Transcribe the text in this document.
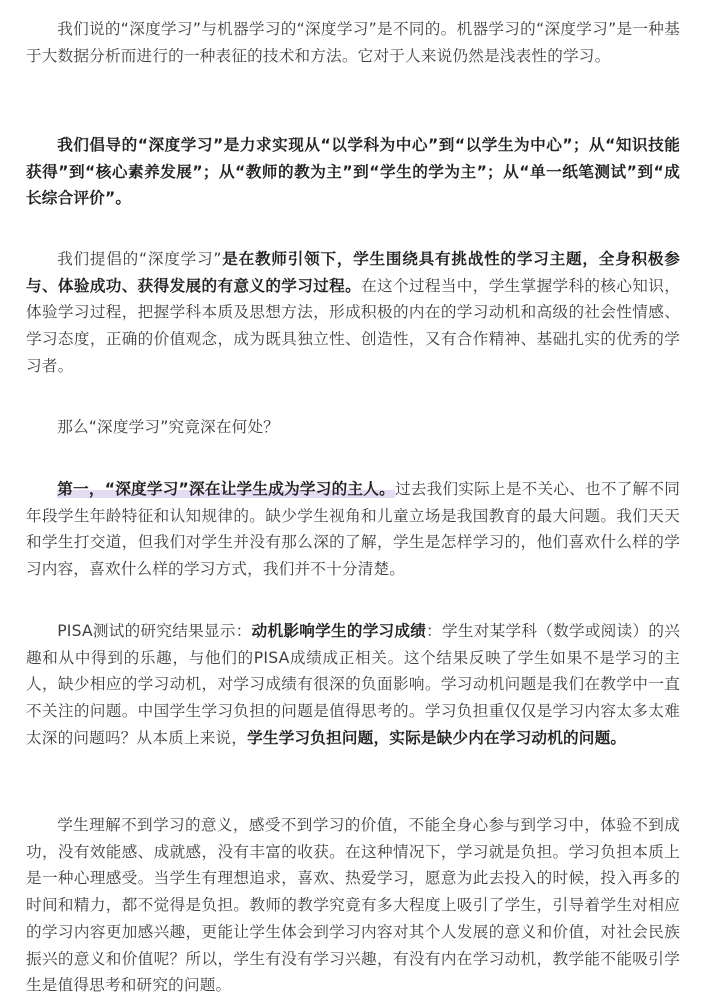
我们说的“深度学习”与机器学习的“深度学习”是不同的。机器学习的“深度学习”是一种基于大数据分析而进行的一种表征的技术和方法。它对于人来说仍然是浅表性的学习。

我们倡导的“深度学习”是力求实现从“以学科为中心”到“以学生为中心”；从“知识技能获得”到“核心素养发展”；从“教师的教为主”到“学生的学为主”；从“单一纸笔测试”到“成长综合评价”。

我们提倡的“深度学习”是在教师引领下，学生围绕具有挑战性的学习主题，全身积极参与、体验成功、获得发展的有意义的学习过程。在这个过程当中，学生掌握学科的核心知识，体验学习过程，把握学科本质及思想方法，形成积极的内在的学习动机和高级的社会性情感、学习态度，正确的价值观念，成为既具独立性、创造性，又有合作精神、基础扎实的优秀的学习者。

那么“深度学习”究竟深在何处？

第一，“深度学习”深在让学生成为学习的主人。过去我们实际上是不关心、也不了解不同年段学生年龄特征和认知规律的。缺少学生视角和儿童立场是我国教育的最大问题。我们天天和学生打交道，但我们对学生并没有那么深的了解，学生是怎样学习的，他们喜欢什么样的学习内容，喜欢什么样的学习方式，我们并不十分清楚。

PISA测试的研究结果显示：动机影响学生的学习成绩：学生对某学科（数学或阅读）的兴趣和从中得到的乐趣，与他们的PISA成绩成正相关。这个结果反映了学生如果不是学习的主人，缺少相应的学习动机，对学习成绩有很深的负面影响。学习动机问题是我们在教学中一直不关注的问题。中国学生学习负担的问题是值得思考的。学习负担重仅仅是学习内容太多太难太深的问题吗？从本质上来说，学生学习负担问题，实际是缺少内在学习动机的问题。

学生理解不到学习的意义，感受不到学习的价值，不能全身心参与到学习中，体验不到成功，没有效能感、成就感，没有丰富的收获。在这种情况下，学习就是负担。学习负担本质上是一种心理感受。当学生有理想追求，喜欢、热爱学习，愿意为此去投入的时候，投入再多的时间和精力，都不觉得是负担。教师的教学究竟有多大程度上吸引了学生，引导着学生对相应的学习内容更加感兴趣，更能让学生体会到学习内容对其个人发展的意义和价值，对社会民族振兴的意义和价值呢？所以，学生有没有学习兴趣，有没有内在学习动机，教学能不能吸引学生是值得思考和研究的问题。
